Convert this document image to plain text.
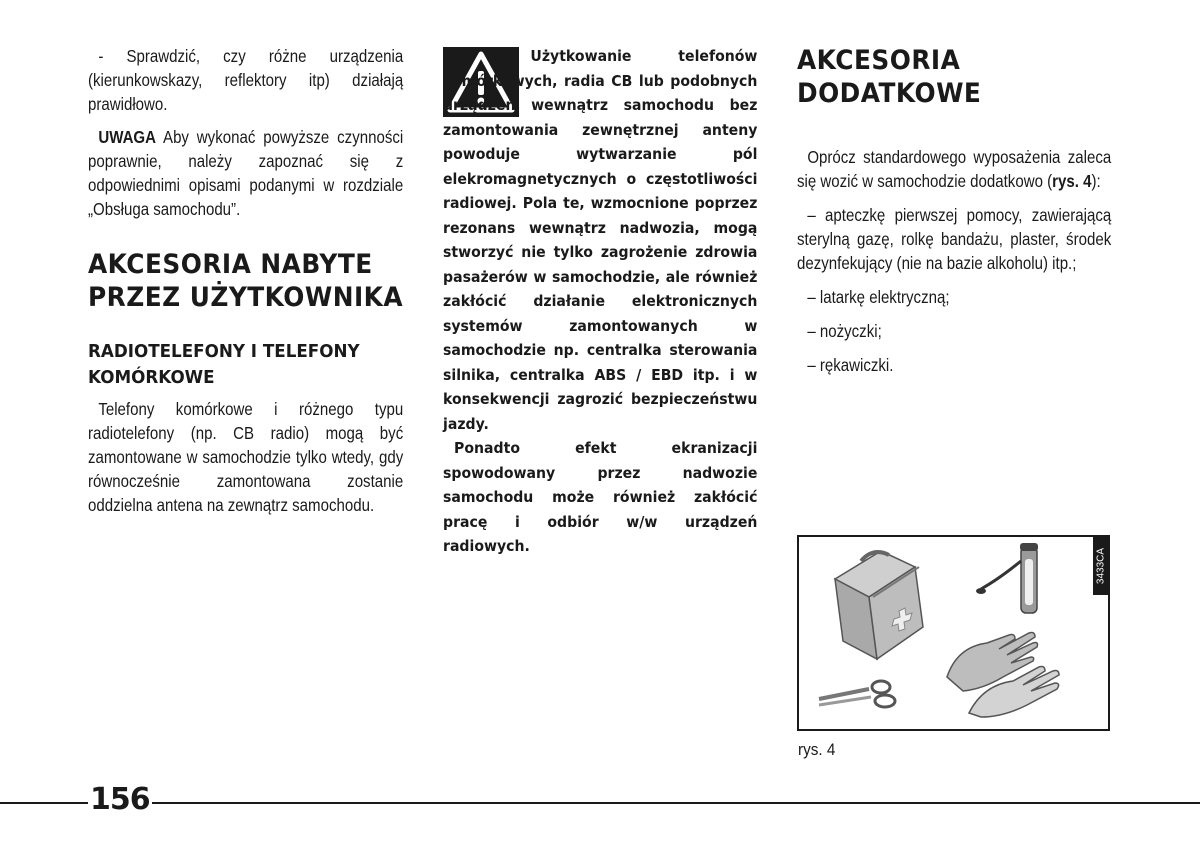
- Sprawdzić, czy różne urządzenia (kierunkowskazy, reflektory itp) działają prawidłowo.

UWAGA Aby wykonać powyższe czynności poprawnie, należy zapoznać się z odpowiednimi opisami podanymi w rozdziale „Obsługa samochodu”.

AKCESORIA NABYTE PRZEZ UŻYTKOWNIKA
RADIOTELEFONY I TELEFONY KOMÓRKOWE

Telefony komórkowe i różnego typu radiotelefony (np. CB radio) mogą być zamontowane w samochodzie tylko wtedy, gdy równocześnie zamontowana zostanie oddzielna antena na zewnątrz samochodu.

Użytkowanie telefonów komórkowych, radia CB lub podobnych urządzeń wewnątrz samochodu bez zamontowania zewnętrznej anteny powoduje wytwarzanie pól elekromagnetycznych o częstotliwości radiowej. Pola te, wzmocnione poprzez rezonans wewnątrz nadwozia, mogą stworzyć nie tylko zagrożenie zdrowia pasażerów w samochodzie, ale również zakłócić działanie elektronicznych systemów zamontowanych w samochodzie np. centralka sterowania silnika, centralka ABS / EBD itp. i w konsekwencji zagrozić bezpieczeństwu jazdy.

Ponadto efekt ekranizacji spowodowany przez nadwozie samochodu może również zakłócić pracę i odbiór w/w urządzeń radiowych.

AKCESORIA DODATKOWE

Oprócz standardowego wyposażenia zaleca się wozić w samochodzie dodatkowo (rys. 4):

– apteczkę pierwszej pomocy, zawierającą sterylną gazę, rolkę bandażu, plaster, środek dezynfekujący (nie na bazie alkoholu) itp.;

– latarkę elektryczną;

– nożyczki;

– rękawiczki.

3433CA
rys. 4
156
